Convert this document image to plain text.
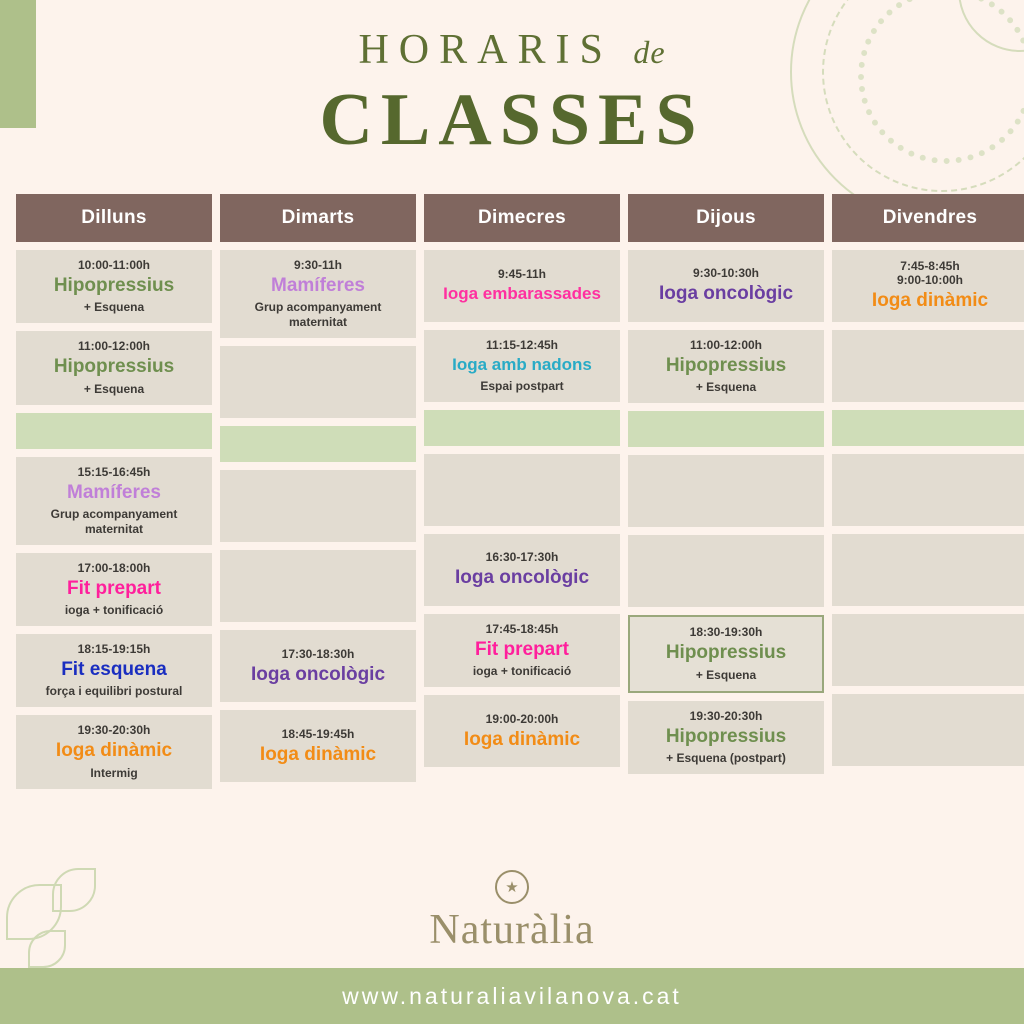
HORARIS de
CLASSES
Dilluns
10:00-11:00h
Hipopressius
+ Esquena
11:00-12:00h
Hipopressius
+ Esquena
15:15-16:45h
Mamíferes
Grup acompanyament maternitat
17:00-18:00h
Fit prepart
ioga + tonificació
18:15-19:15h
Fit esquena
força i equilibri postural
19:30-20:30h
Ioga dinàmic
Intermig
Dimarts
9:30-11h
Mamíferes
Grup acompanyament maternitat
17:30-18:30h
Ioga oncològic
18:45-19:45h
Ioga dinàmic
Dimecres
9:45-11h
Ioga embarassades
11:15-12:45h
Ioga amb nadons
Espai postpart
16:30-17:30h
Ioga oncològic
17:45-18:45h
Fit prepart
ioga + tonificació
19:00-20:00h
Ioga dinàmic
Dijous
9:30-10:30h
Ioga oncològic
11:00-12:00h
Hipopressius
+ Esquena
18:30-19:30h
Hipopressius
+ Esquena
19:30-20:30h
Hipopressius
+ Esquena (postpart)
Divendres
7:45-8:45h
9:00-10:00h
Ioga dinàmic
★
Naturàlia
www.naturaliavilanova.cat
